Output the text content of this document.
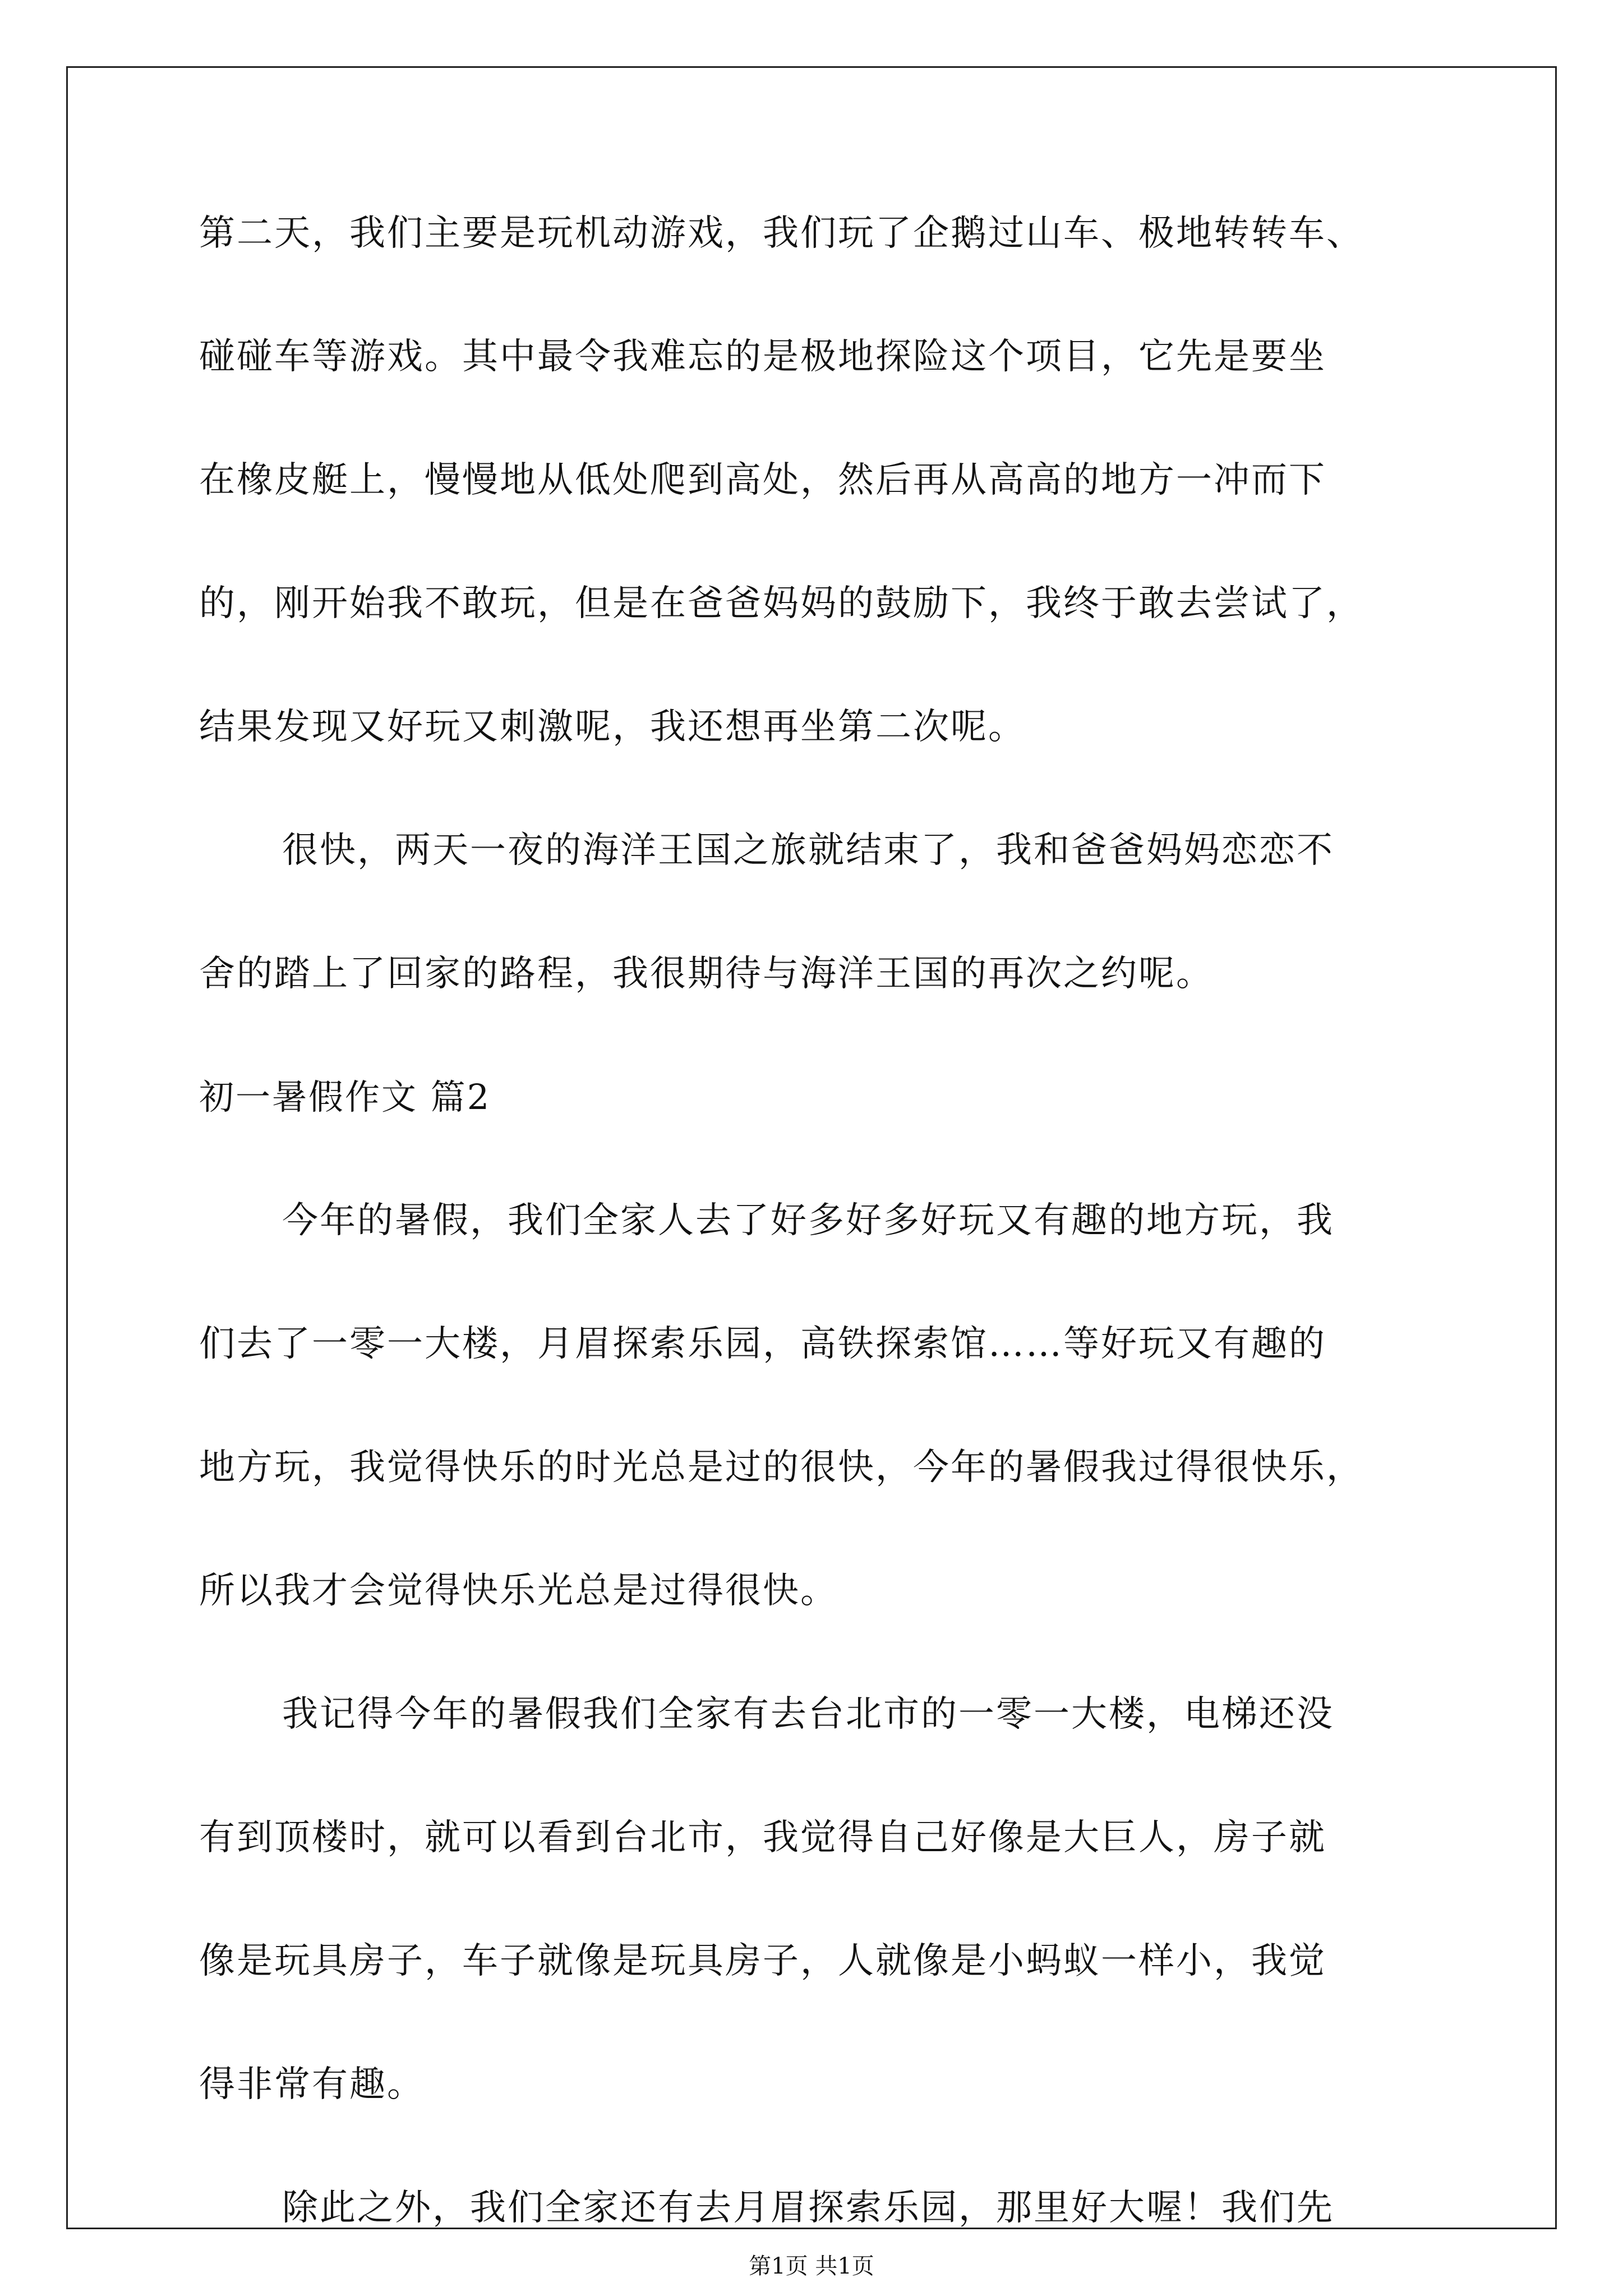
第二天，我们主要是玩机动游戏，我们玩了企鹅过山车、极地转转车、
碰碰车等游戏。其中最令我难忘的是极地探险这个项目，它先是要坐
在橡皮艇上，慢慢地从低处爬到高处，然后再从高高的地方一冲而下
的，刚开始我不敢玩，但是在爸爸妈妈的鼓励下，我终于敢去尝试了，
结果发现又好玩又刺激呢，我还想再坐第二次呢。
很快，两天一夜的海洋王国之旅就结束了，我和爸爸妈妈恋恋不
舍的踏上了回家的路程，我很期待与海洋王国的再次之约呢。
初一暑假作文 篇2
今年的暑假，我们全家人去了好多好多好玩又有趣的地方玩，我
们去了一零一大楼，月眉探索乐园，高铁探索馆……等好玩又有趣的
地方玩，我觉得快乐的时光总是过的很快，今年的暑假我过得很快乐，
所以我才会觉得快乐光总是过得很快。
我记得今年的暑假我们全家有去台北市的一零一大楼，电梯还没
有到顶楼时，就可以看到台北市，我觉得自己好像是大巨人，房子就
像是玩具房子，车子就像是玩具房子，人就像是小蚂蚁一样小，我觉
得非常有趣。
除此之外，我们全家还有去月眉探索乐园，那里好大喔！我们先
第1页 共1页
